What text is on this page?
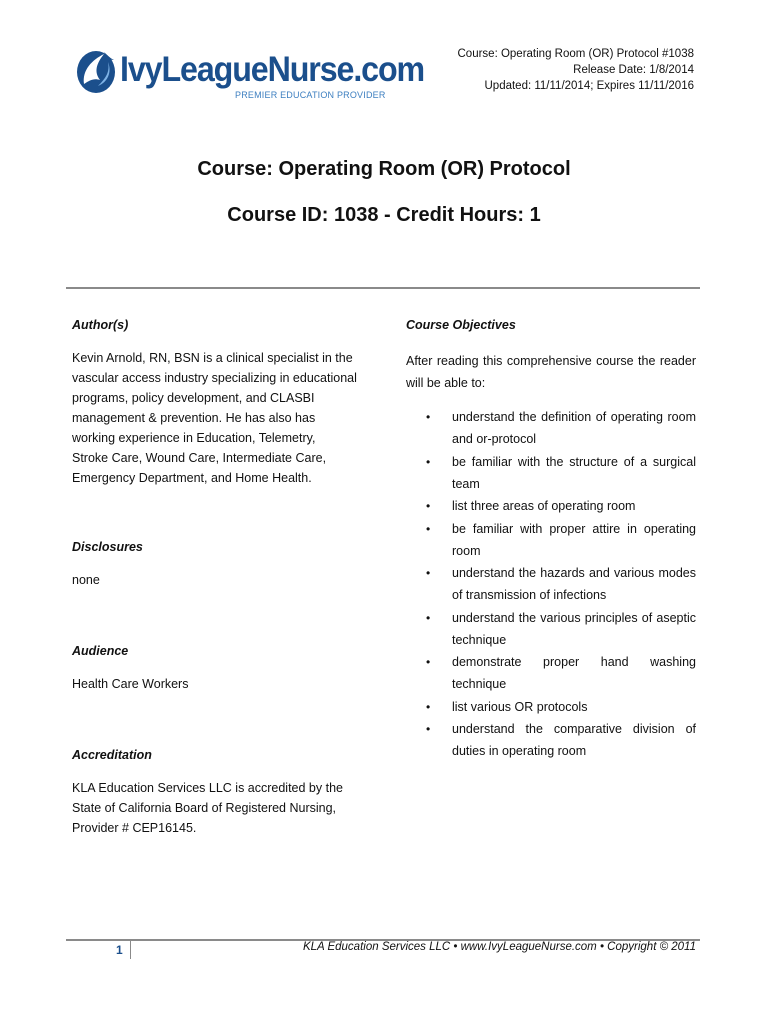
IvyLeagueNurse.com
PREMIER EDUCATION PROVIDER
Course: Operating Room (OR) Protocol #1038
Release Date: 1/8/2014
Updated: 11/11/2014; Expires 11/11/2016
Course: Operating Room (OR) Protocol
Course ID: 1038 - Credit Hours: 1

Author(s)

Kevin Arnold, RN, BSN is a clinical specialist in the
vascular access industry specializing in educational
programs, policy development, and CLASBI
management & prevention. He has also has
working experience in Education, Telemetry,
Stroke Care, Wound Care, Intermediate Care,
Emergency Department, and Home Health.

Disclosures

none

Audience

Health Care Workers

Accreditation

KLA Education Services LLC is accredited by the
State of California Board of Registered Nursing,
Provider # CEP16145.

Course Objectives

After reading this comprehensive course the reader will be able to:

• understand the definition of operating room and or-protocol
• be familiar with the structure of a surgical team
• list three areas of operating room
• be familiar with proper attire in operating room
• understand the hazards and various modes of transmission of infections
• understand the various principles of aseptic technique
• demonstrate proper hand washing technique
• list various OR protocols
• understand the comparative division of duties in operating room
1	KLA Education Services LLC • www.IvyLeagueNurse.com • Copyright © 2011
